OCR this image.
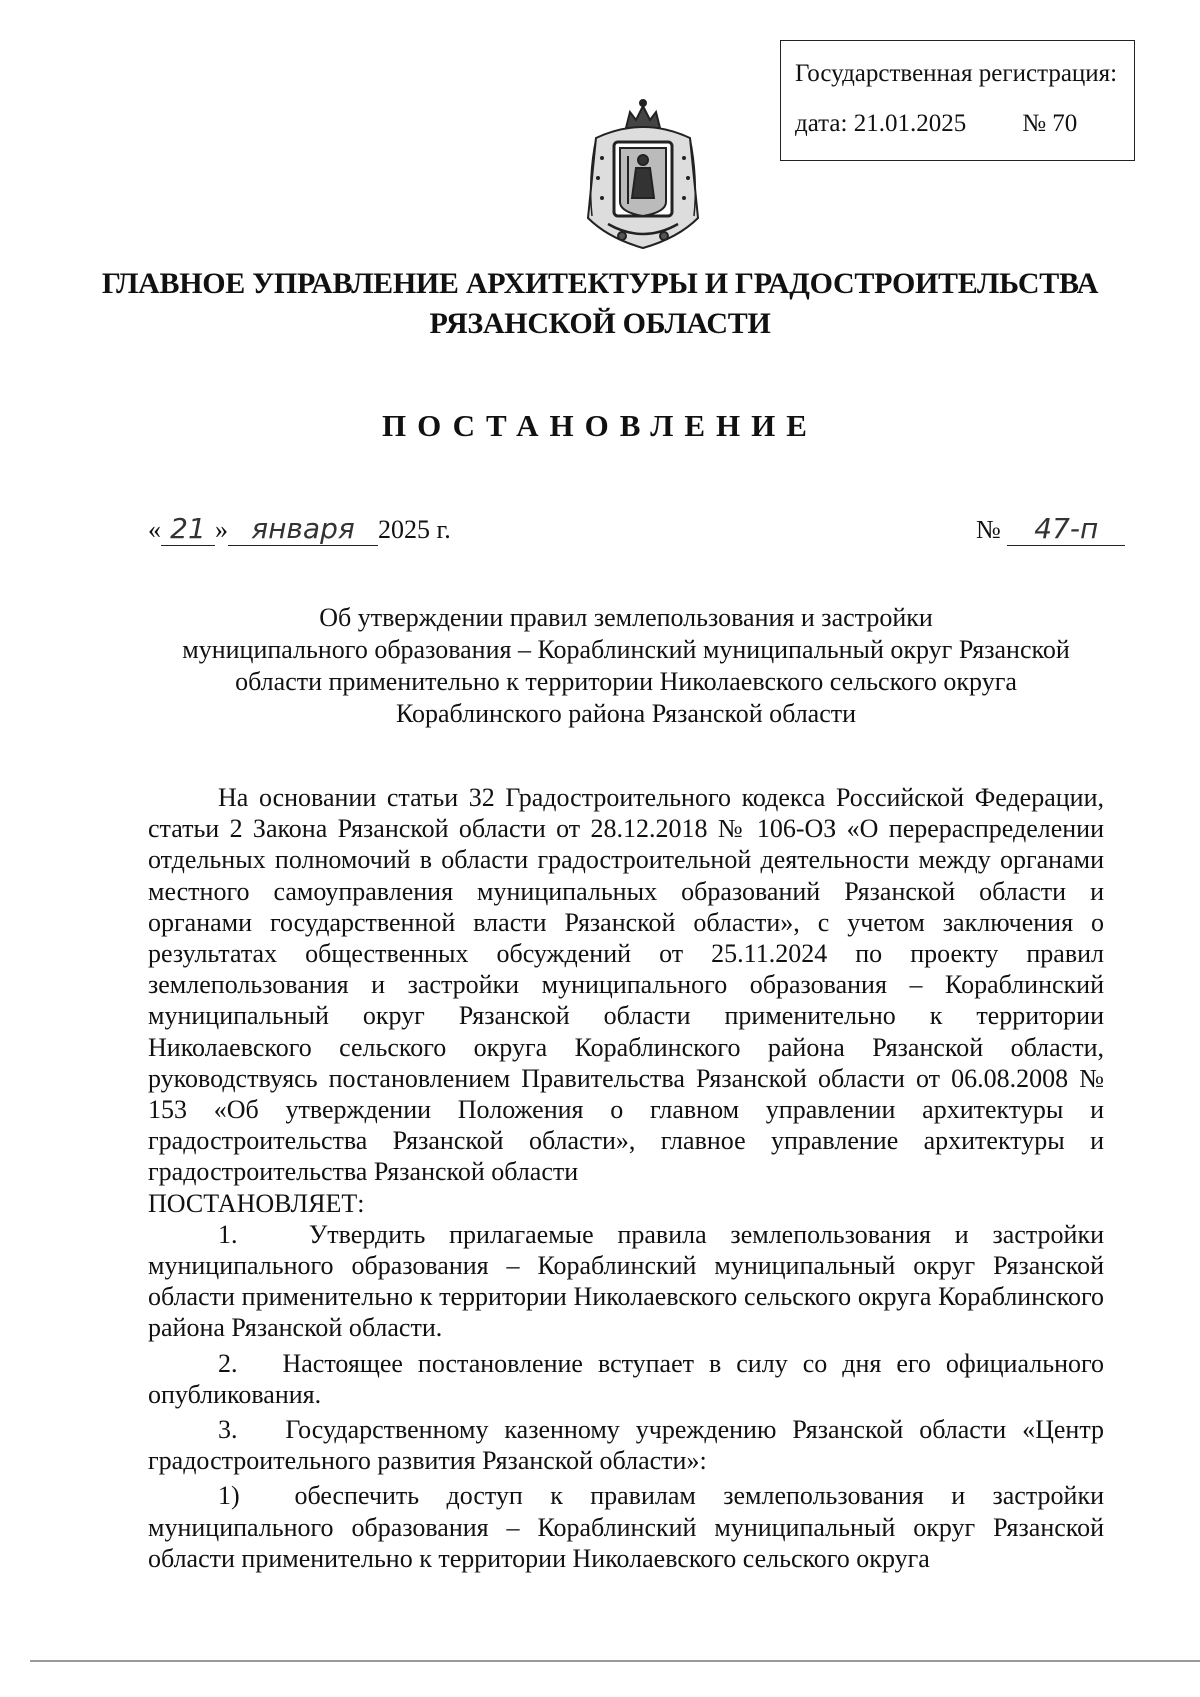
Государственная регистрация:
дата: 21.01.2025 № 70
ГЛАВНОЕ УПРАВЛЕНИЕ АРХИТЕКТУРЫ И ГРАДОСТРОИТЕЛЬСТВА
РЯЗАНСКОЙ ОБЛАСТИ
ПОСТАНОВЛЕНИЕ
« 21 » января 2025 г.	№ 47-п
Об утверждении правил землепользования и застройки
муниципального образования – Кораблинский муниципальный округ Рязанской
области применительно к территории Николаевского сельского округа
Кораблинского района Рязанской области

На основании статьи 32 Градостроительного кодекса Российской Федерации, статьи 2 Закона Рязанской области от 28.12.2018 № 106-ОЗ «О перераспределении отдельных полномочий в области градостроительной деятельности между органами местного самоуправления муниципальных образований Рязанской области и органами государственной власти Рязанской области», с учетом заключения о результатах общественных обсуждений от 25.11.2024 по проекту правил землепользования и застройки муниципального образования – Кораблинский муниципальный округ Рязанской области применительно к территории Николаевского сельского округа Кораблинского района Рязанской области, руководствуясь постановлением Правительства Рязанской области от 06.08.2008 № 153 «Об утверждении Положения о главном управлении архитектуры и градостроительства Рязанской области», главное управление архитектуры и градостроительства Рязанской области

ПОСТАНОВЛЯЕТ:

1.   Утвердить прилагаемые правила землепользования и застройки муниципального образования – Кораблинский муниципальный округ Рязанской области применительно к территории Николаевского сельского округа Кораблинского района Рязанской области.

2.   Настоящее постановление вступает в силу со дня его официального опубликования.

3.   Государственному казенному учреждению Рязанской области «Центр градостроительного развития Рязанской области»:

1)  обеспечить доступ к правилам землепользования и застройки муниципального образования – Кораблинский муниципальный округ Рязанской области применительно к территории Николаевского сельского округа
